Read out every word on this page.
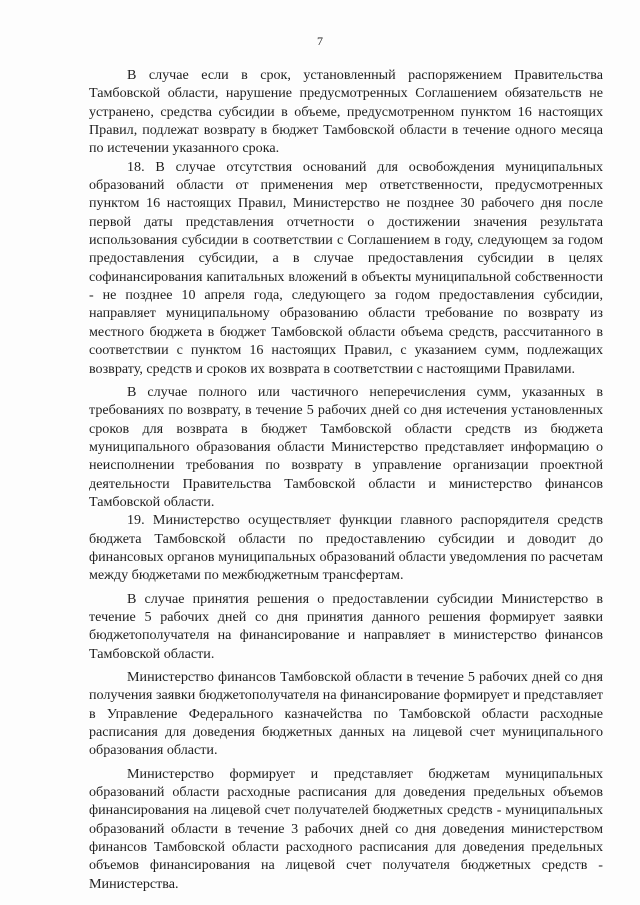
7

В случае если в срок, установленный распоряжением Правительства Тамбовской области, нарушение предусмотренных Соглашением обязательств не устранено, средства субсидии в объеме, предусмотренном пунктом 16 настоящих Правил, подлежат возврату в бюджет Тамбовской области в течение одного месяца по истечении указанного срока.

18. В случае отсутствия оснований для освобождения муниципальных образований области от применения мер ответственности, предусмотренных пунктом 16 настоящих Правил, Министерство не позднее 30 рабочего дня после первой даты представления отчетности о достижении значения результата использования субсидии в соответствии с Соглашением в году, следующем за годом предоставления субсидии, а в случае предоставления субсидии в целях софинансирования капитальных вложений в объекты муниципальной собственности - не позднее 10 апреля года, следующего за годом предоставления субсидии, направляет муниципальному образованию области требование по возврату из местного бюджета в бюджет Тамбовской области объема средств, рассчитанного в соответствии с пунктом 16 настоящих Правил, с указанием сумм, подлежащих возврату, средств и сроков их возврата в соответствии с настоящими Правилами.

В случае полного или частичного неперечисления сумм, указанных в требованиях по возврату, в течение 5 рабочих дней со дня истечения установленных сроков для возврата в бюджет Тамбовской области средств из бюджета муниципального образования области Министерство представляет информацию о неисполнении требования по возврату в управление организации проектной деятельности Правительства Тамбовской области и министерство финансов Тамбовской области.

19. Министерство осуществляет функции главного распорядителя средств бюджета Тамбовской области по предоставлению субсидии и доводит до финансовых органов муниципальных образований области уведомления по расчетам между бюджетами по межбюджетным трансфертам.

В случае принятия решения о предоставлении субсидии Министерство в течение 5 рабочих дней со дня принятия данного решения формирует заявки бюджетополучателя на финансирование и направляет в министерство финансов Тамбовской области.

Министерство финансов Тамбовской области в течение 5 рабочих дней со дня получения заявки бюджетополучателя на финансирование формирует и представляет в Управление Федерального казначейства по Тамбовской области расходные расписания для доведения бюджетных данных на лицевой счет муниципального образования области.

Министерство формирует и представляет бюджетам муниципальных образований области расходные расписания для доведения предельных объемов финансирования на лицевой счет получателей бюджетных средств - муниципальных образований области в течение 3 рабочих дней со дня доведения министерством финансов Тамбовской области расходного расписания для доведения предельных объемов финансирования на лицевой счет получателя бюджетных средств - Министерства.
